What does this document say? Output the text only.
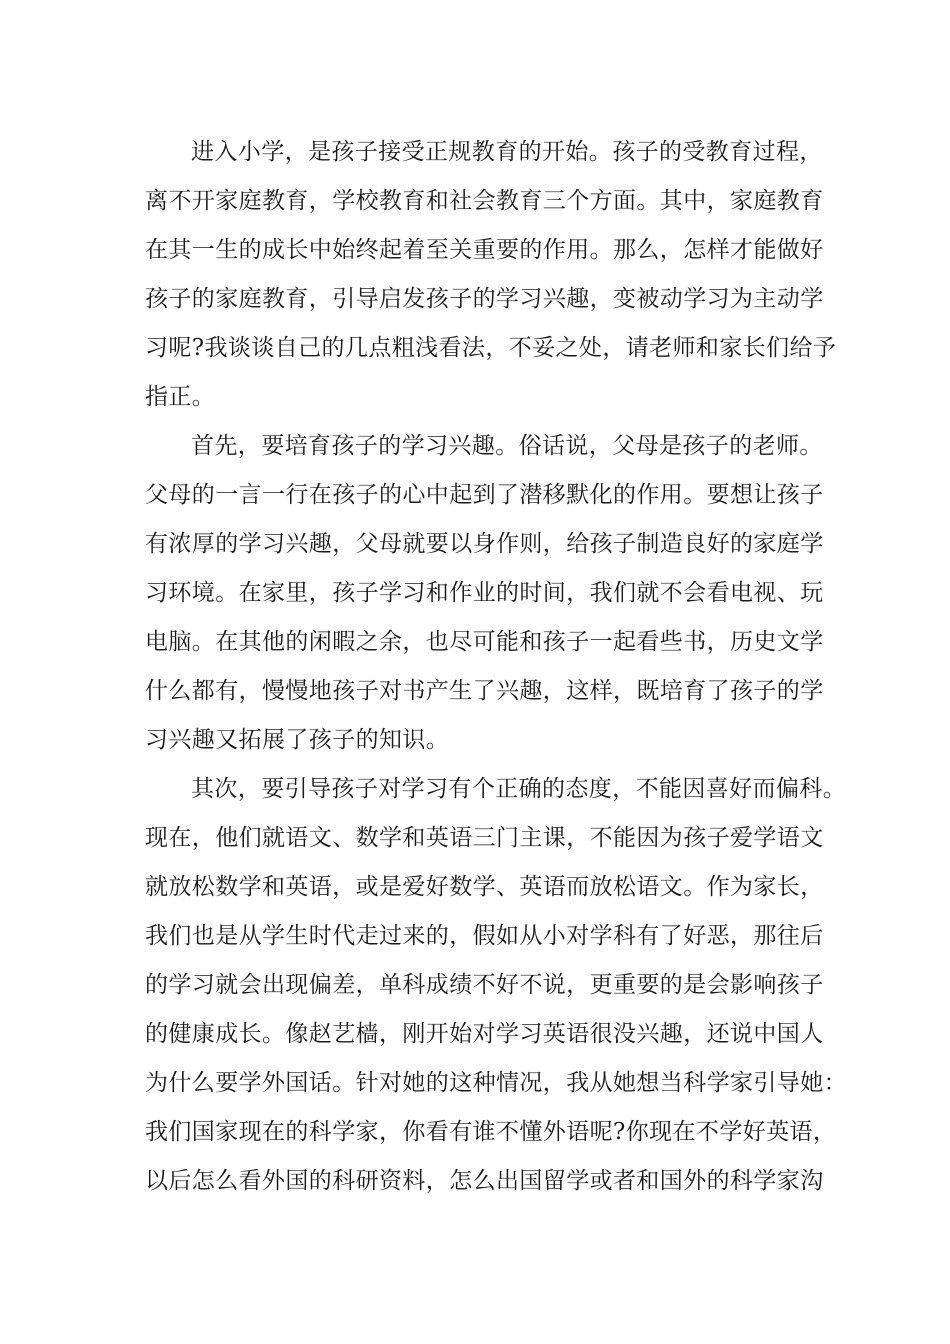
进入小学，是孩子接受正规教育的开始。孩子的受教育过程，
离不开家庭教育，学校教育和社会教育三个方面。其中，家庭教育
在其一生的成长中始终起着至关重要的作用。那么，怎样才能做好
孩子的家庭教育，引导启发孩子的学习兴趣，变被动学习为主动学
习呢?我谈谈自己的几点粗浅看法，不妥之处，请老师和家长们给予
指正。
首先，要培育孩子的学习兴趣。俗话说，父母是孩子的老师。
父母的一言一行在孩子的心中起到了潜移默化的作用。要想让孩子
有浓厚的学习兴趣，父母就要以身作则，给孩子制造良好的家庭学
习环境。在家里，孩子学习和作业的时间，我们就不会看电视、玩
电脑。在其他的闲暇之余，也尽可能和孩子一起看些书，历史文学
什么都有，慢慢地孩子对书产生了兴趣，这样，既培育了孩子的学
习兴趣又拓展了孩子的知识。
其次，要引导孩子对学习有个正确的态度，不能因喜好而偏科。
现在，他们就语文、数学和英语三门主课，不能因为孩子爱学语文
就放松数学和英语，或是爱好数学、英语而放松语文。作为家长，
我们也是从学生时代走过来的，假如从小对学科有了好恶，那往后
的学习就会出现偏差，单科成绩不好不说，更重要的是会影响孩子
的健康成长。像赵艺樯，刚开始对学习英语很没兴趣，还说中国人
为什么要学外国话。针对她的这种情况，我从她想当科学家引导她：
我们国家现在的科学家，你看有谁不懂外语呢?你现在不学好英语，
以后怎么看外国的科研资料，怎么出国留学或者和国外的科学家沟
